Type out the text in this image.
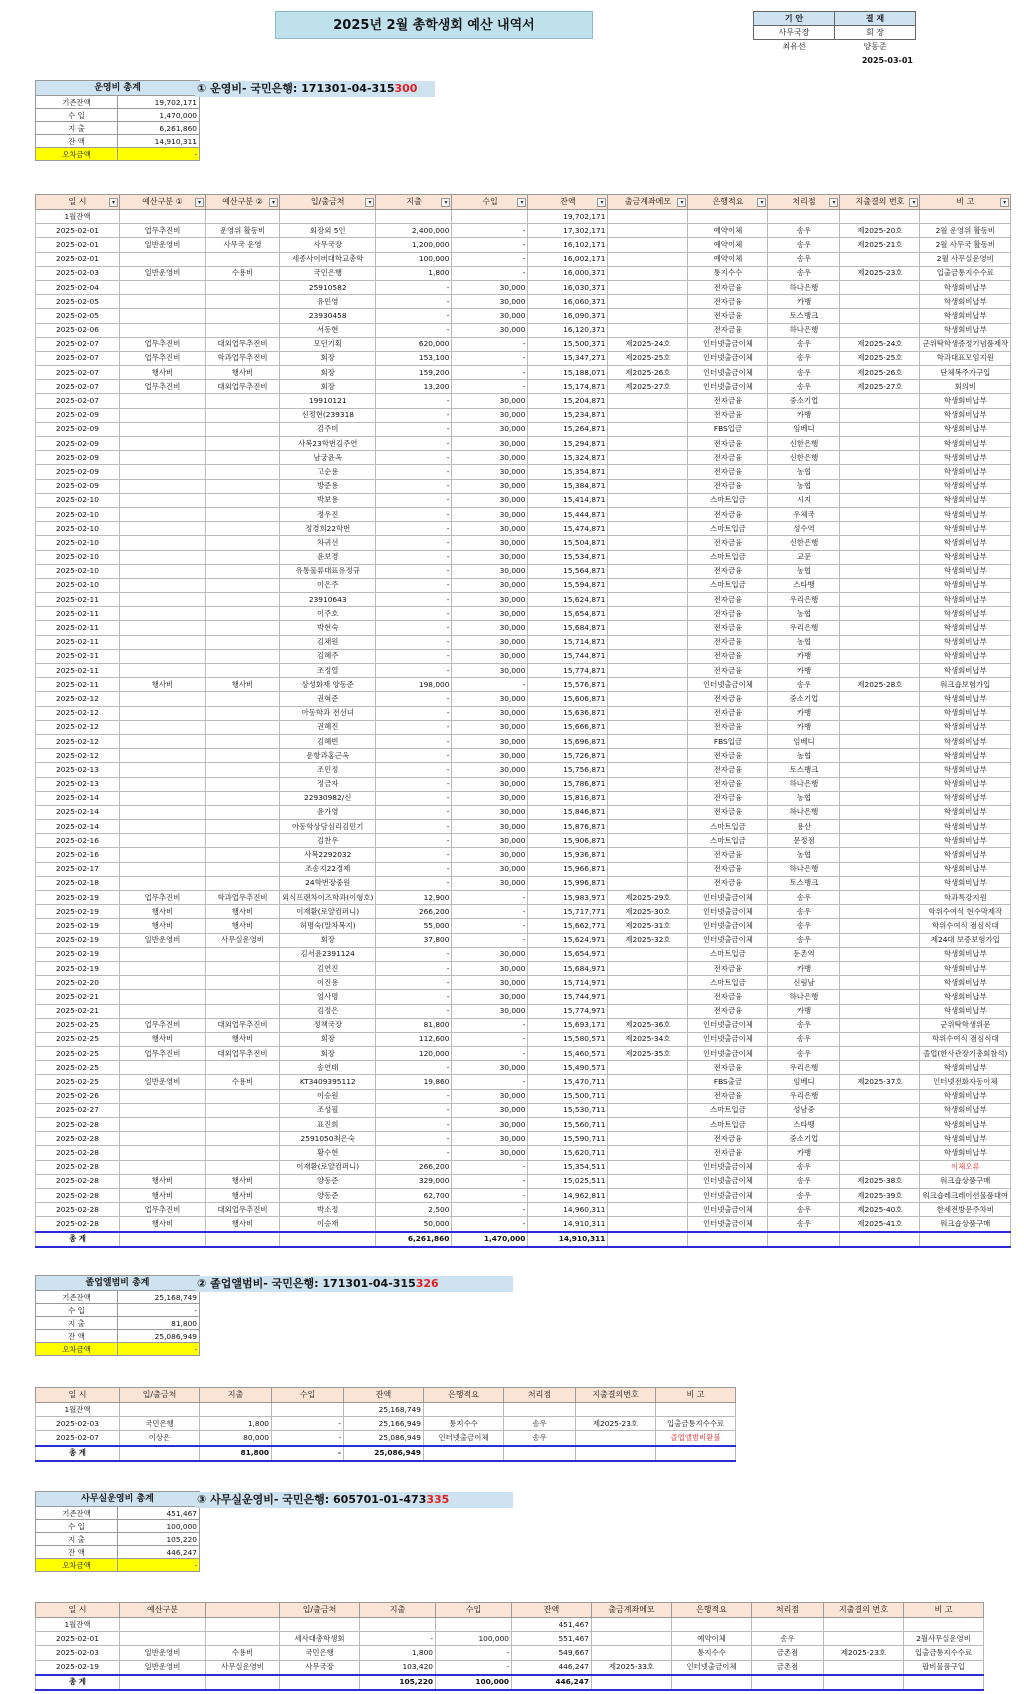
2025년 2월 총학생회 예산 내역서	기 안	결 재
사무국장	회 장
최유선	양동준
2025-03-01
운영비 총계	
기존잔액	19,702,171
수 입	1,470,000
지 출	6,261,860
잔 액	14,910,311
오차금액	-
① 운영비- 국민은행: 171301-04-315300
일 시 ▾	예산구분 ① ▾	예산구분 ② ▾	입/출금처 ▾	지출 ▾	수입 ▾	잔액 ▾	출금계좌메모 ▾	은행적요 ▾	처리점 ▾	지출결의 번호 ▾	비 고 ▾

1월잔액						19,702,171					
2025-02-01	업무추진비	운영위 활동비	회장외 5인	2,400,000	-	17,302,171		예약이체	송우	제2025-20호	2월 운영위 활동비
2025-02-01	일반운영비	사무국 운영	사무국장	1,200,000	-	16,102,171		예약이체	송우	제2025-21호	2월 사무국 활동비
2025-02-01			세종사이버대학교총학	100,000	-	16,002,171		예약이체	송우		2월 사무실운영비
2025-02-03	일반운영비	수용비	국민은행	1,800	-	16,000,371		통지수수	송우	제2025-23호	입출금통지수수료
2025-02-04			25910582	-	30,000	16,030,371		전자금융	하나은행		학생회비납부
2025-02-05			유민영	-	30,000	16,060,371		전자금융	카뱅		학생회비납부
2025-02-05			23930458	-	30,000	16,090,371		전자금융	토스뱅크		학생회비납부
2025-02-06			서동현	-	30,000	16,120,371		전자금융	하나은행		학생회비납부
2025-02-07	업무추진비	대외업무추진비	모던기획	620,000	-	15,500,371	제2025-24호	인터넷출금이체	송우	제2025-24호	군위탁학생증정기념품제작
2025-02-07	업무추진비	학과업무추진비	회장	153,100	-	15,347,271	제2025-25호	인터넷출금이체	송우	제2025-25호	학과대표모임지원
2025-02-07	행사비	행사비	회장	159,200	-	15,188,071	제2025-26호	인터넷출금이체	송우	제2025-26호	단체복주가구입
2025-02-07	업무추진비	대외업무추진비	회장	13,200	-	15,174,871	제2025-27호	인터넷출금이체	송우	제2025-27호	회의비
2025-02-07			19910121	-	30,000	15,204,871		전자금융	중소기업		학생회비납부
2025-02-09			신정현(239318	-	30,000	15,234,871		전자금융	카뱅		학생회비납부
2025-02-09			김주미	-	30,000	15,264,871		FBS입금	임베디		학생회비납부
2025-02-09			사복23학번김주연	-	30,000	15,294,871		전자금융	신한은행		학생회비납부
2025-02-09			남궁윤옥	-	30,000	15,324,871		전자금융	신한은행		학생회비납부
2025-02-09			고순용	-	30,000	15,354,871		전자금융	농협		학생회비납부
2025-02-09			방준용	-	30,000	15,384,871		전자금융	농협		학생회비납부
2025-02-10			박보용	-	30,000	15,414,871		스마트입금	시지		학생회비납부
2025-02-10			정우진	-	30,000	15,444,871		전자금융	우체국		학생회비납부
2025-02-10			정경희22학번	-	30,000	15,474,871		스마트입금	성수역		학생회비납부
2025-02-10			차귀선	-	30,000	15,504,871		전자금융	신한은행		학생회비납부
2025-02-10			윤보경	-	30,000	15,534,871		스마트입금	교문		학생회비납부
2025-02-10			유통물류대표유정규	-	30,000	15,564,871		전자금융	농협		학생회비납부
2025-02-10			이은주	-	30,000	15,594,871		스마트입금	스타뱅		학생회비납부
2025-02-11			23910643	-	30,000	15,624,871		전자금융	우리은행		학생회비납부
2025-02-11			이주호	-	30,000	15,654,871		전자금융	농협		학생회비납부
2025-02-11			박현숙	-	30,000	15,684,871		전자금융	우리은행		학생회비납부
2025-02-11			김채원	-	30,000	15,714,871		전자금융	농협		학생회비납부
2025-02-11			김혜주	-	30,000	15,744,871		전자금융	카뱅		학생회비납부
2025-02-11			조정열	-	30,000	15,774,871		전자금융	카뱅		학생회비납부
2025-02-11	행사비	행사비	삼성화재 양동준	198,000	-	15,576,871		인터넷출금이체	송우	제2025-28호	워크숍보험가입
2025-02-12			권혁준	-	30,000	15,606,871		전자금융	중소기업		학생회비납부
2025-02-12			아동학과 전선녀	-	30,000	15,636,871		전자금융	카뱅		학생회비납부
2025-02-12			권혜진	-	30,000	15,666,871		전자금융	카뱅		학생회비납부
2025-02-12			김혜빈	-	30,000	15,696,871		FBS입금	임베디		학생회비납부
2025-02-12			운항과홍근옥	-	30,000	15,726,871		전자금융	농협		학생회비납부
2025-02-13			조민정	-	30,000	15,756,871		전자금융	토스뱅크		학생회비납부
2025-02-13			정금자	-	30,000	15,786,871		전자금융	하나은행		학생회비납부
2025-02-14			22930982/신	-	30,000	15,816,871		전자금융	농협		학생회비납부
2025-02-14			윤가영	-	30,000	15,846,871		전자금융	하나은행		학생회비납부
2025-02-14			아동학상담심리김민기	-	30,000	15,876,871		스마트입금	용산		학생회비납부
2025-02-16			김찬우	-	30,000	15,906,871		스마트입금	문정점		학생회비납부
2025-02-16			사복2292032	-	30,000	15,936,871		전자금융	농협		학생회비납부
2025-02-17			조송지22경제	-	30,000	15,966,871		전자금융	하나은행		학생회비납부
2025-02-18			24학번장중원	-	30,000	15,996,871		전자금융	토스뱅크		학생회비납부
2025-02-19	업무추진비	학과업무추진비	외식프랜차이즈학과(이형호)	12,900	-	15,983,971	제2025-29호	인터넷출금이체	송우		학과특강지원
2025-02-19	행사비	행사비	이재환(로얄컴퍼니)	266,200	-	15,717,771	제2025-30호	인터넷출금이체	송우		학위수여식 현수막제작
2025-02-19	행사비	행사비	허명숙(말차복지)	55,000	-	15,662,771	제2025-31호	인터넷출금이체	송우		학위수여식 점심식대
2025-02-19	일반운영비	사무실운영비	회장	37,800	-	15,624,971	제2025-32호	인터넷출금이체	송우		제24대 보증보험가입
2025-02-19			김서윤2391124	-	30,000	15,654,971		스마트입금	둔촌역		학생회비납부
2025-02-19			김연진	-	30,000	15,684,971		전자금융	카뱅		학생회비납부
2025-02-20			이진용	-	30,000	15,714,971		스마트입금	신림남		학생회비납부
2025-02-21			엄사명	-	30,000	15,744,971		전자금융	하나은행		학생회비납부
2025-02-21			김정은	-	30,000	15,774,971		전자금융	카뱅		학생회비납부
2025-02-25	업무추진비	대외업무추진비	정책국장	81,800	-	15,693,171	제2025-36호	인터넷출금이체	송우		군위탁학생위문
2025-02-25	행사비	행사비	회장	112,600	-	15,580,571	제2025-34호	인터넷출금이체	송우		학위수여식 점심식대
2025-02-25	업무추진비	대외업무추진비	회장	120,000	-	15,460,571	제2025-35호	인터넷출금이체	송우		졸업(한사관장기총회참석)
2025-02-25			송연태	-	30,000	15,490,571		전자금융	우리은행		학생회비납부
2025-02-25	일반운영비	수용비	KT3409395112	19,860	-	15,470,711		FBS출금	임베디	제2025-37호	인터넷전화자동이체
2025-02-26			이승원	-	30,000	15,500,711		전자금융	우리은행		학생회비납부
2025-02-27			조성필	-	30,000	15,530,711		스마트입금	성남중		학생회비납부
2025-02-28			표진희	-	30,000	15,560,711		스마트입금	스타뱅		학생회비납부
2025-02-28			2591050최은숙	-	30,000	15,590,711		전자금융	중소기업		학생회비납부
2025-02-28			황수현	-	30,000	15,620,711		전자금융	카뱅		학생회비납부
2025-02-28			이재환(로얄컴퍼니)	266,200	-	15,354,511		인터넷출금이체	송우		이체오류
2025-02-28	행사비	행사비	양동준	329,000	-	15,025,511		인터넷출금이체	송우	제2025-38호	워크숍상품구매
2025-02-28	행사비	행사비	양동준	62,700	-	14,962,811		인터넷출금이체	송우	제2025-39호	워크숍레크레이션물품대여
2025-02-28	업무추진비	대외업무추진비	박소정	2,500	-	14,960,311		인터넷출금이체	송우	제2025-40호	한세전방문주차비
2025-02-28	행사비	행사비	이승재	50,000	-	14,910,311		인터넷출금이체	송우	제2025-41호	워크숍상품구매
총 계				6,261,860	1,470,000	14,910,311					
졸업앨범비 총계	
기존잔액	25,168,749
수 입	-
지 출	81,800
잔 액	25,086,949
오차금액	-
② 졸업앨범비- 국민은행: 171301-04-315326
일 시	입/출금처	지출	수입	잔액	은행적요	처리점	지출결의번호	비 고
1월잔액				25,168,749				
2025-02-03	국민은행	1,800	-	25,166,949	통지수수	송우	제2025-23호	입출금통지수수료
2025-02-07	이상은	80,000	-	25,086,949	인터넷출금이체	송우		졸업앨범비환불
총 계		81,800	-	25,086,949				
사무실운영비 총계	
기존잔액	451,467
수 입	100,000
지 출	105,220
잔 액	446,247
오차금액	-
③ 사무실운영비- 국민은행: 605701-01-473335
일 시	예산구분		입/출금처	지출	수입	잔액	출금계좌메모	은행적요	처리점	지출결의 번호	비 고
1월잔액						451,467					
2025-02-01			세사대총학생회	-	100,000	551,467		예약이체	송우		2월사무실운영비
2025-02-03	일반운영비	수용비	국민은행	1,800	-	549,667		통지수수	금촌점	제2025-23호	입출금통지수수료
2025-02-19	일반운영비	사무실운영비	사무국장	103,420	-	446,247	제2025-33호	인터넷출금이체	금촌점		팝비물품구입
총 계				105,220	100,000	446,247					
